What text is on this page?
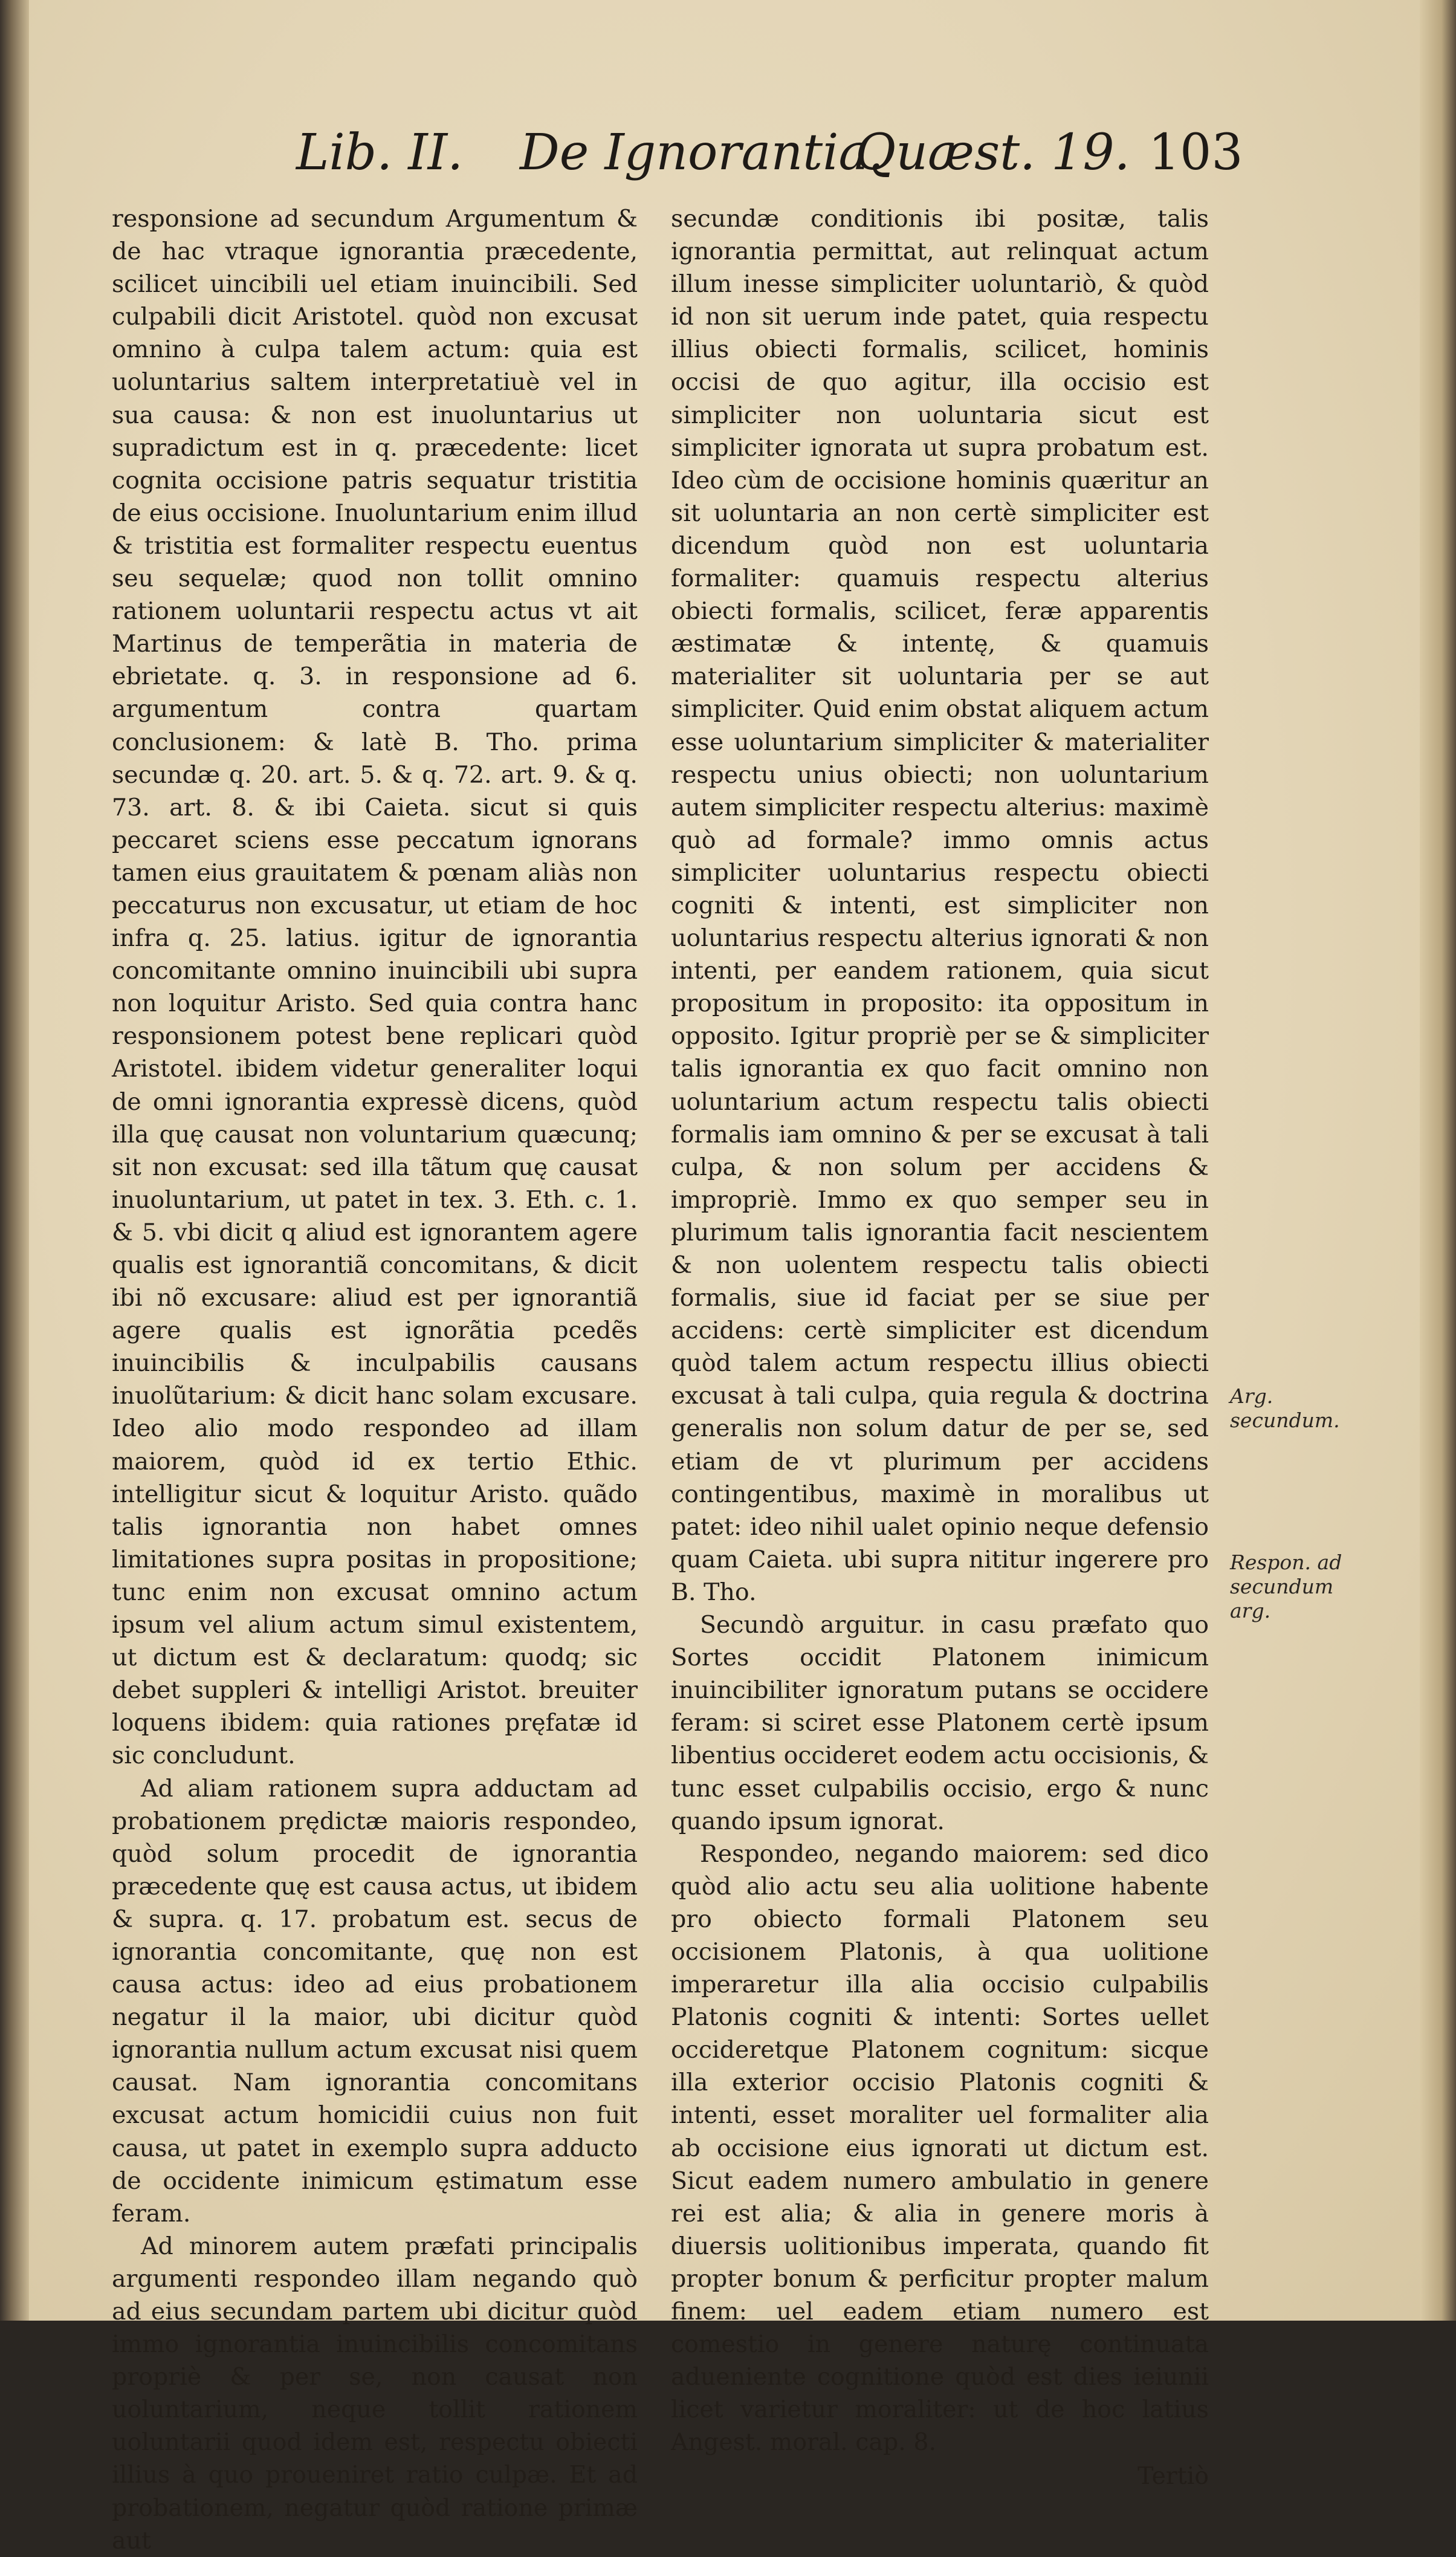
Lib. II. De Ignorantia.
Quæst. 19. 103

responsione ad secundum Argumentum & de hac vtraque ignorantia præcedente, scilicet uincibili uel etiam inuincibili. Sed culpabili dicit Aristotel. quòd non excusat omnino à culpa talem actum: quia est uoluntarius saltem interpretatiuè vel in sua causa: & non est inuoluntarius ut supradictum est in q. præcedente: licet cognita occisione patris sequatur tristitia de eius occisione. Inuoluntarium enim illud & tristitia est formaliter respectu euentus seu sequelæ; quod non tollit omnino rationem uoluntarii respectu actus vt ait Martinus de temperãtia in materia de ebrietate. q. 3. in responsione ad 6. argumentum contra quartam conclusionem: & latè B. Tho. prima secundæ q. 20. art. 5. & q. 72. art. 9. & q. 73. art. 8. & ibi Caieta. sicut si quis peccaret sciens esse peccatum ignorans tamen eius grauitatem & pœnam aliàs non peccaturus non excusatur, ut etiam de hoc infra q. 25. latius. igitur de ignorantia concomitante omnino inuincibili ubi supra non loquitur Aristo. Sed quia contra hanc responsionem potest bene replicari quòd Aristotel. ibidem videtur generaliter loqui de omni ignorantia expressè dicens, quòd illa quę causat non voluntarium quæcunq; sit non excusat: sed illa tãtum quę causat inuoluntarium, ut patet in tex. 3. Eth. c. 1. & 5. vbi dicit q aliud est ignorantem agere qualis est ignorantiã concomitans, & dicit ibi nõ excusare: aliud est per ignorantiã agere qualis est ignorãtia pcedẽs inuincibilis & inculpabilis causans inuolũtarium: & dicit hanc solam excusare. Ideo alio modo respondeo ad illam maiorem, quòd id ex tertio Ethic. intelligitur sicut & loquitur Aristo. quãdo talis ignorantia non habet omnes limitationes supra positas in propositione; tunc enim non excusat omnino actum ipsum vel alium actum simul existentem, ut dictum est & declaratum: quodq; sic debet suppleri & intelligi Aristot. breuiter loquens ibidem: quia rationes pręfatæ id sic concludunt.

Ad aliam rationem supra adductam ad probationem prędictæ maioris respondeo, quòd solum procedit de ignorantia præcedente quę est causa actus, ut ibidem & supra. q. 17. probatum est. secus de ignorantia concomitante, quę non est causa actus: ideo ad eius probationem negatur il la maior, ubi dicitur quòd ignorantia nullum actum excusat nisi quem causat. Nam ignorantia concomitans excusat actum homicidii cuius non fuit causa, ut patet in exemplo supra adducto de occidente inimicum ęstimatum esse feram.

Ad minorem autem præfati principalis argumenti respondeo illam negando quò ad eius secundam partem ubi dicitur quòd immo ignorantia inuincibilis concomitans propriè & per se, non causat non uoluntarium, neque tollit rationem uoluntarii quod idem est, respectu obiecti illius à quo proueniret ratio culpæ. Et ad probationem, negatur quòd ratione primæ aut

secundæ conditionis ibi positæ, talis ignorantia permittat, aut relinquat actum illum inesse simpliciter uoluntariò, & quòd id non sit uerum inde patet, quia respectu illius obiecti formalis, scilicet, hominis occisi de quo agitur, illa occisio est simpliciter non uoluntaria sicut est simpliciter ignorata ut supra probatum est. Ideo cùm de occisione hominis quæritur an sit uoluntaria an non certè simpliciter est dicendum quòd non est uoluntaria formaliter: quamuis respectu alterius obiecti formalis, scilicet, feræ apparentis æstimatæ & intentę, & quamuis materialiter sit uoluntaria per se aut simpliciter. Quid enim obstat aliquem actum esse uoluntarium simpliciter & materialiter respectu unius obiecti; non uoluntarium autem simpliciter respectu alterius: maximè quò ad formale? immo omnis actus simpliciter uoluntarius respectu obiecti cogniti & intenti, est simpliciter non uoluntarius respectu alterius ignorati & non intenti, per eandem rationem, quia sicut propositum in proposito: ita oppositum in opposito. Igitur propriè per se & simpliciter talis ignorantia ex quo facit omnino non uoluntarium actum respectu talis obiecti formalis iam omnino & per se excusat à tali culpa, & non solum per accidens & impropriè. Immo ex quo semper seu in plurimum talis ignorantia facit nescientem & non uolentem respectu talis obiecti formalis, siue id faciat per se siue per accidens: certè simpliciter est dicendum quòd talem actum respectu illius obiecti excusat à tali culpa, quia regula & doctrina generalis non solum datur de per se, sed etiam de vt plurimum per accidens contingentibus, maximè in moralibus ut patet: ideo nihil ualet opinio neque defensio quam Caieta. ubi supra nititur ingerere pro B. Tho.

Secundò arguitur. in casu præfato quo Sortes occidit Platonem inimicum inuincibiliter ignoratum putans se occidere feram: si sciret esse Platonem certè ipsum libentius occideret eodem actu occisionis, & tunc esset culpabilis occisio, ergo & nunc quando ipsum ignorat.

Respondeo, negando maiorem: sed dico quòd alio actu seu alia uolitione habente pro obiecto formali Platonem seu occisionem Platonis, à qua uolitione imperaretur illa alia occisio culpabilis Platonis cogniti & intenti: Sortes uellet occideretque Platonem cognitum: sicque illa exterior occisio Platonis cogniti & intenti, esset moraliter uel formaliter alia ab occisione eius ignorati ut dictum est. Sicut eadem numero ambulatio in genere rei est alia; & alia in genere moris à diuersis uolitionibus imperata, quando fit propter bonum & perficitur propter malum finem: uel eadem etiam numero est comestio in genere naturę continuata adueniente cognitione quòd est dies ieiunii licet varietur moraliter: ut de hoc latius Angest. moral. cap. 8.

Tertiò
Arg. secundum.
Respon. ad secundum arg.
